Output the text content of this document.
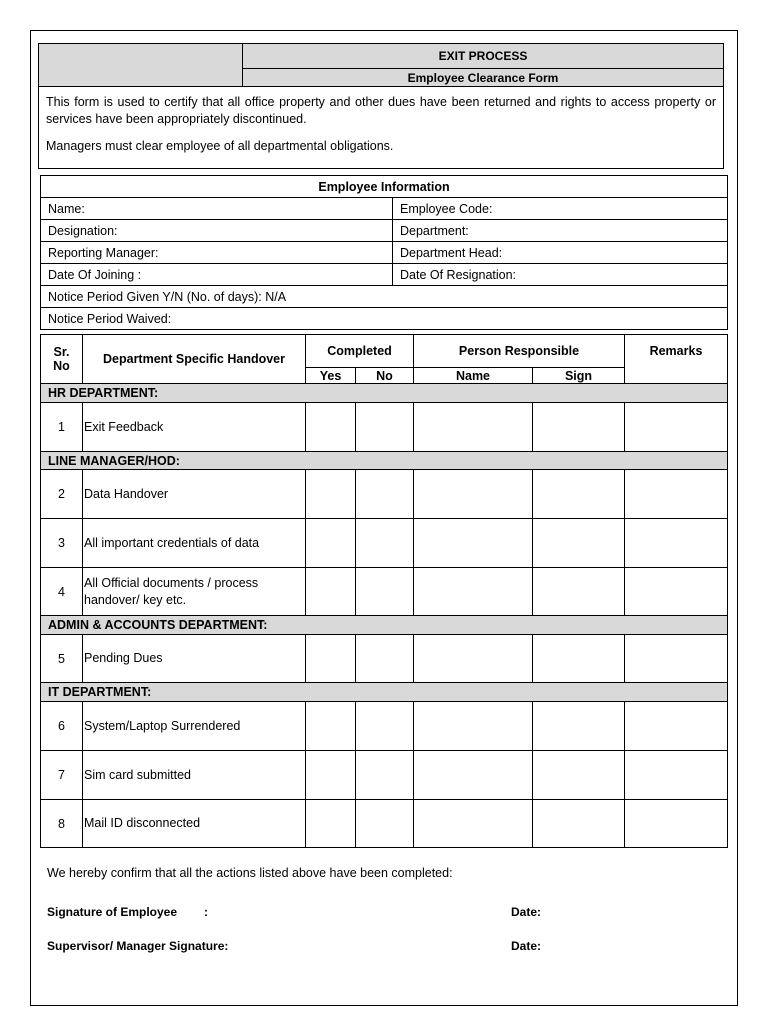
	EXIT PROCESS
Employee Clearance Form

This form is used to certify that all office property and other dues have been returned and rights to access property or services have been appropriately discontinued.

Managers must clear employee of all departmental obligations.

Employee Information	
Name:	Employee Code:
Designation:	Department:
Reporting Manager:	Department Head:
Date Of Joining :	Date Of Resignation:
Notice Period Given Y/N (No. of days): N/A	
Notice Period Waived:	
Sr.
No	Department Specific Handover	Completed		Person Responsible		Remarks
		Yes	No	Name	Sign	
HR DEPARTMENT:						
1	Exit Feedback					
LINE MANAGER/HOD:						
2	Data Handover					
3	All important credentials of data					
4	All Official documents / process handover/ key etc.					
ADMIN & ACCOUNTS DEPARTMENT:						
5	Pending Dues					
IT DEPARTMENT:						
6	System/Laptop Surrendered					
7	Sim card submitted					
8	Mail ID disconnected					
We hereby confirm that all the actions listed above have been completed:
Signature of Employee :	Date:
Supervisor/ Manager Signature:	Date:
